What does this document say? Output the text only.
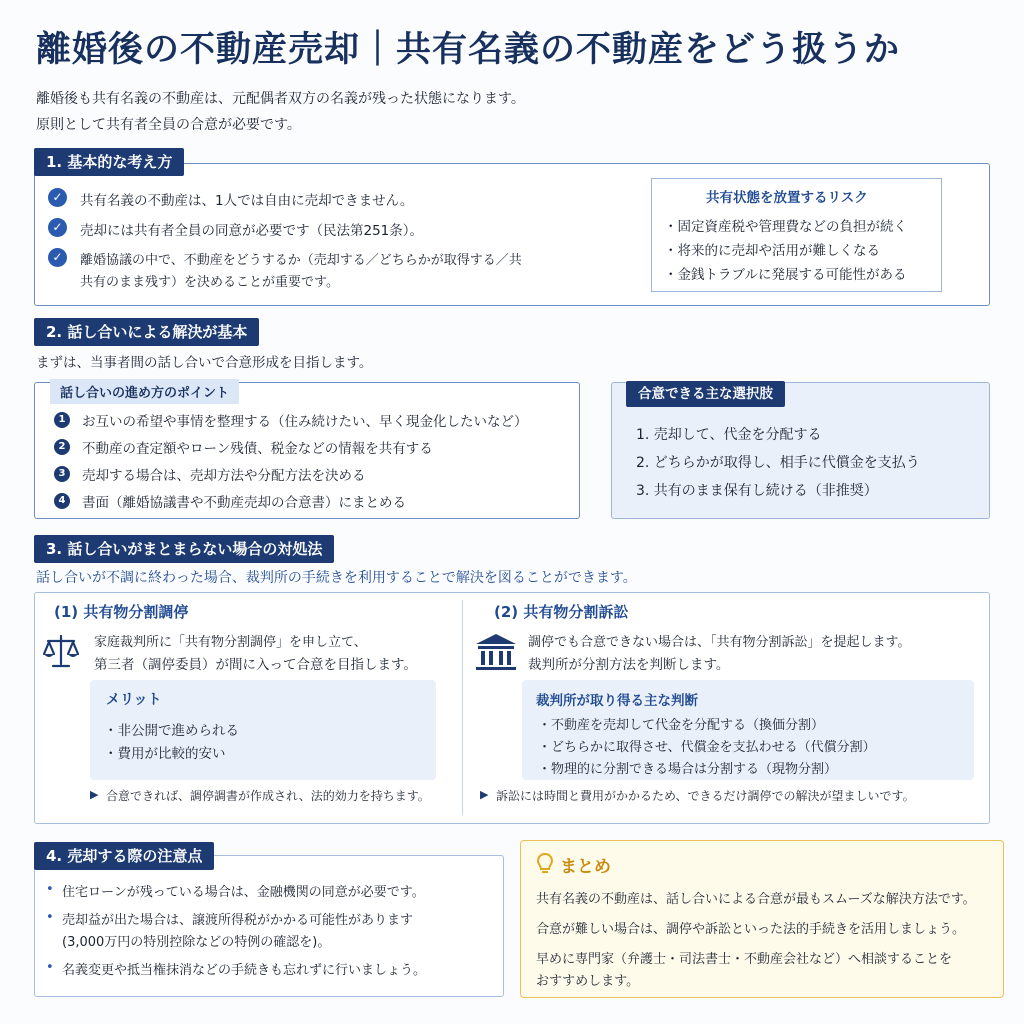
離婚後の不動産売却｜共有名義の不動産をどう扱うか
離婚後も共有名義の不動産は、元配偶者双方の名義が残った状態になります。
原則として共有者全員の合意が必要です。
1. 基本的な考え方
✓	共有名義の不動産は、1人では自由に売却できません。
✓	売却には共有者全員の同意が必要です（民法第251条）。
✓	離婚協議の中で、不動産をどうするか（売却する／どちらかが取得する／共
共有のまま残す）を決めることが重要です。
共有状態を放置するリスク
・固定資産税や管理費などの負担が続く
・将来的に売却や活用が難しくなる
・金銭トラブルに発展する可能性がある
2. 話し合いによる解決が基本
まずは、当事者間の話し合いで合意形成を目指します。
話し合いの進め方のポイント
1	お互いの希望や事情を整理する（住み続けたい、早く現金化したいなど）
2	不動産の査定額やローン残債、税金などの情報を共有する
3	売却する場合は、売却方法や分配方法を決める
4	書面（離婚協議書や不動産売却の合意書）にまとめる
合意できる主な選択肢
1. 売却して、代金を分配する
2. どちらかが取得し、相手に代償金を支払う
3. 共有のまま保有し続ける（非推奨）
3. 話し合いがまとまらない場合の対処法
話し合いが不調に終わった場合、裁判所の手続きを利用することで解決を図ることができます。
(1) 共有物分割調停
家庭裁判所に「共有物分割調停」を申し立て、
第三者（調停委員）が間に入って合意を目指します。
メリット
・非公開で進められる
・費用が比較的安い
▶ 合意できれば、調停調書が作成され、法的効力を持ちます。
(2) 共有物分割訴訟
調停でも合意できない場合は、「共有物分割訴訟」を提起します。
裁判所が分割方法を判断します。
裁判所が取り得る主な判断
・不動産を売却して代金を分配する（換価分割）
・どちらかに取得させ、代償金を支払わせる（代償分割）
・物理的に分割できる場合は分割する（現物分割）
▶ 訴訟には時間と費用がかかるため、できるだけ調停での解決が望ましいです。
4. 売却する際の注意点
• 住宅ローンが残っている場合は、金融機関の同意が必要です。
• 売却益が出た場合は、譲渡所得税がかかる可能性があります
(3,000万円の特別控除などの特例の確認を)。
• 名義変更や抵当権抹消などの手続きも忘れずに行いましょう。
まとめ
共有名義の不動産は、話し合いによる合意が最もスムーズな解決方法です。
合意が難しい場合は、調停や訴訟といった法的手続きを活用しましょう。
早めに専門家（弁護士・司法書士・不動産会社など）へ相談することを
おすすめします。
